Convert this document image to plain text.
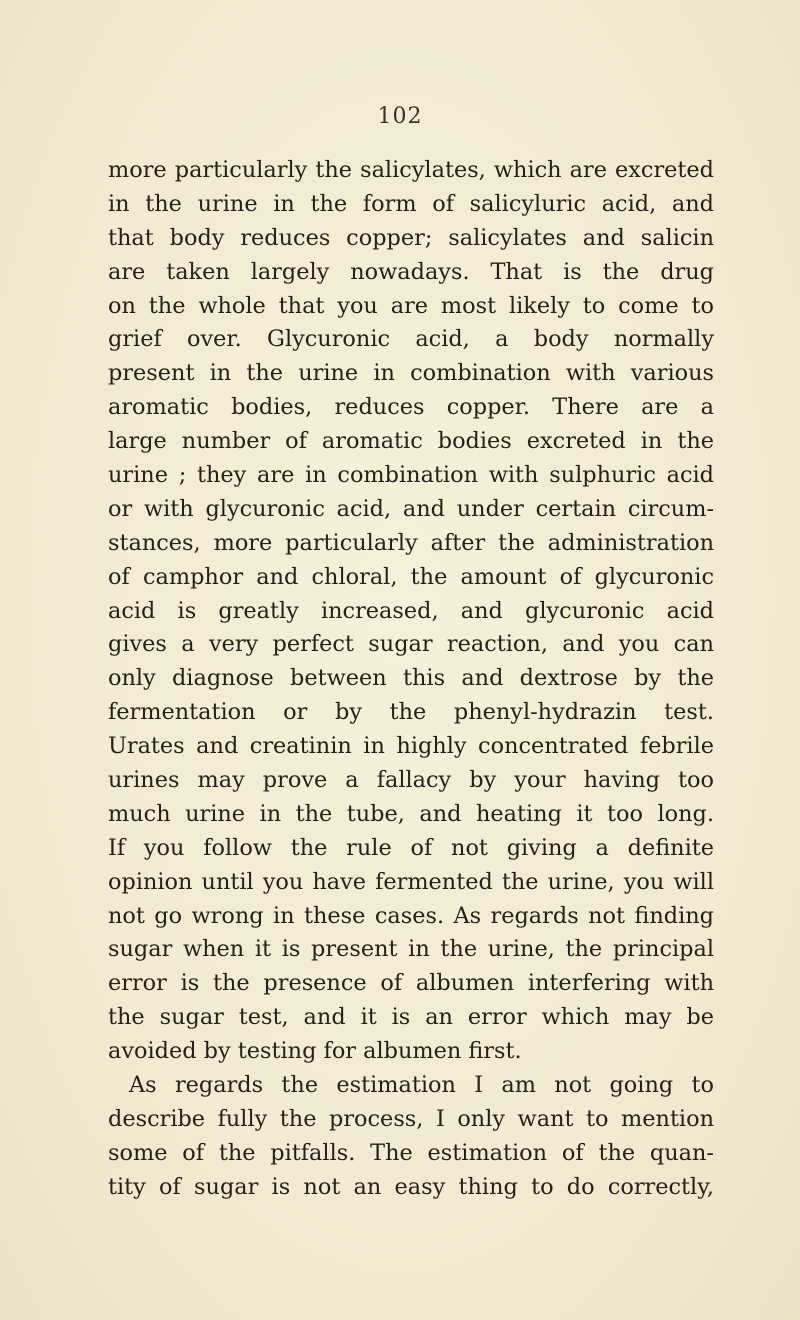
102
more particularly the salicylates, which are excreted
in the urine in the form of salicyluric acid, and
that body reduces copper; salicylates and salicin
are taken largely nowadays. That is the drug
on the whole that you are most likely to come to
grief over. Glycuronic acid, a body normally
present in the urine in combination with various
aromatic bodies, reduces copper. There are a
large number of aromatic bodies excreted in the
urine ; they are in combination with sulphuric acid
or with glycuronic acid, and under certain circum-
stances, more particularly after the administration
of camphor and chloral, the amount of glycuronic
acid is greatly increased, and glycuronic acid
gives a very perfect sugar reaction, and you can
only diagnose between this and dextrose by the
fermentation or by the phenyl-hydrazin test.
Urates and creatinin in highly concentrated febrile
urines may prove a fallacy by your having too
much urine in the tube, and heating it too long.
If you follow the rule of not giving a definite
opinion until you have fermented the urine, you will
not go wrong in these cases. As regards not finding
sugar when it is present in the urine, the principal
error is the presence of albumen interfering with
the sugar test, and it is an error which may be
avoided by testing for albumen first.
As regards the estimation I am not going to
describe fully the process, I only want to mention
some of the pitfalls. The estimation of the quan-
tity of sugar is not an easy thing to do correctly,
